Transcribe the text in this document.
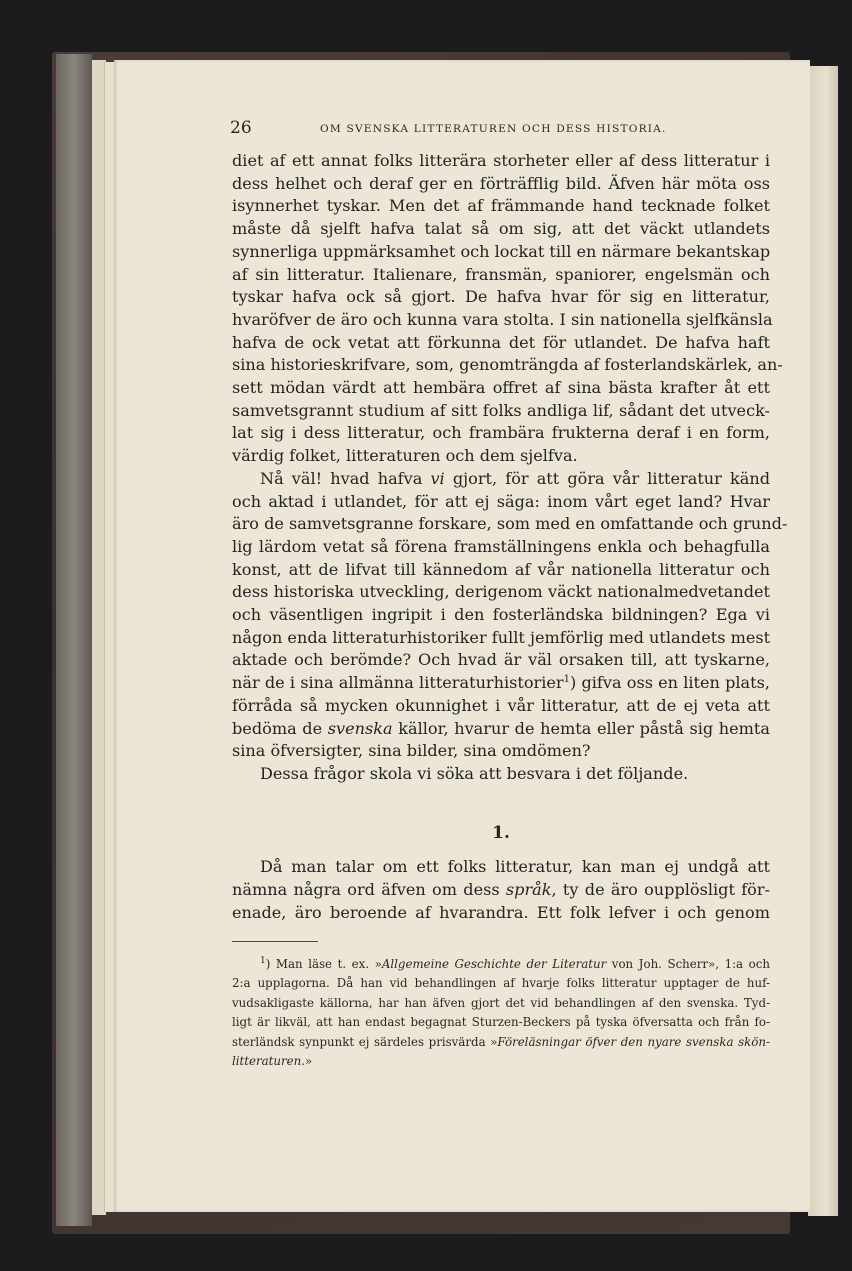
26	OM SVENSKA LITTERATUREN OCH DESS HISTORIA.

diet af ett annat folks litterära storheter eller af dess litteratur i
dess helhet och deraf ger en förträfflig bild. Äfven här möta oss
isynnerhet tyskar. Men det af främmande hand tecknade folket
måste då sjelft hafva talat så om sig, att det väckt utlandets
synnerliga uppmärksamhet och lockat till en närmare bekantskap
af sin litteratur. Italienare, fransmän, spaniorer, engelsmän och
tyskar hafva ock så gjort. De hafva hvar för sig en litteratur,
hvaröfver de äro och kunna vara stolta. I sin nationella sjelfkänsla
hafva de ock vetat att förkunna det för utlandet. De hafva haft
sina historieskrifvare, som, genomträngda af fosterlandskärlek, an-
sett mödan värdt att hembära offret af sina bästa krafter åt ett
samvetsgrannt studium af sitt folks andliga lif, sådant det utveck-
lat sig i dess litteratur, och frambära frukterna deraf i en form,
värdig folket, litteraturen och dem sjelfva.

Nå väl! hvad hafva vi gjort, för att göra vår litteratur känd
och aktad i utlandet, för att ej säga: inom vårt eget land? Hvar
äro de samvetsgranne forskare, som med en omfattande och grund-
lig lärdom vetat så förena framställningens enkla och behagfulla
konst, att de lifvat till kännedom af vår nationella litteratur och
dess historiska utveckling, derigenom väckt nationalmedvetandet
och väsentligen ingripit i den fosterländska bildningen? Ega vi
någon enda litteraturhistoriker fullt jemförlig med utlandets mest
aktade och berömde? Och hvad är väl orsaken till, att tyskarne,
när de i sina allmänna litteraturhistorier$^1$) gifva oss en liten plats,
förråda så mycken okunnighet i vår litteratur, att de ej veta att
bedöma de svenska källor, hvarur de hemta eller påstå sig hemta
sina öfversigter, sina bilder, sina omdömen?

Dessa frågor skola vi söka att besvara i det följande.

1.

Då man talar om ett folks litteratur, kan man ej undgå att
nämna några ord äfven om dess språk, ty de äro oupplösligt för-
enade, äro beroende af hvarandra. Ett folk lefver i och genom

$^1$) Man läse t. ex. »Allgemeine Geschichte der Literatur von Joh. Scherr», 1:a och
2:a upplagorna. Då han vid behandlingen af hvarje folks litteratur upptager de huf-
vudsakligaste källorna, har han äfven gjort det vid behandlingen af den svenska. Tyd-
ligt är likväl, att han endast begagnat Sturzen-Beckers på tyska öfversatta och från fo-
sterländsk synpunkt ej särdeles prisvärda »Föreläsningar öfver den nyare svenska skön-
litteraturen.»
